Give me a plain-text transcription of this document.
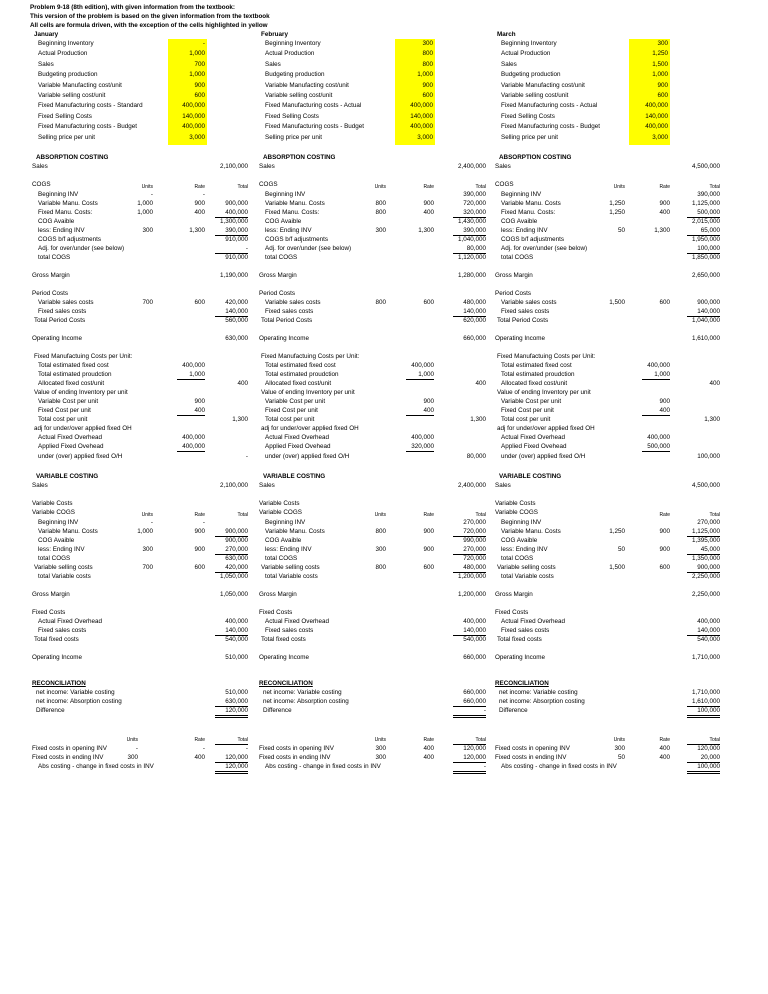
Problem 9-18 (8th edition), with given information from the textbook:
This version of the problem is based on the given information from the textbook
All cells are formula driven, with the exception of the cells highlighted in yellow
January
Beginning Inventory	-
Actual Production	1,000
Sales	700
Budgeting production	1,000
Variable Manufacting cost/unit	900
Variable selling cost/unit	600
Fixed Manufacturing costs - Standard	400,000
Fixed Selling Costs	140,000
Fixed Manufacturing costs - Budget	400,000
Selling price per unit	3,000
February
Beginning Inventory	300
Actual Production	800
Sales	800
Budgeting production	1,000
Variable Manufacting cost/unit	900
Variable selling cost/unit	600
Fixed Manufacturing costs - Actual	400,000
Fixed Selling Costs	140,000
Fixed Manufacturing costs - Budget	400,000
Selling price per unit	3,000
March
Beginning Inventory	300
Actual Production	1,250
Sales	1,500
Budgeting production	1,000
Variable Manufacting cost/unit	900
Variable selling cost/unit	600
Fixed Manufacturing costs - Actual	400,000
Fixed Selling Costs	140,000
Fixed Manufacturing costs - Budget	400,000
Selling price per unit	3,000
ABSORPTION COSTING
Sales	2,100,000
COGS	Units	Rate	Total
Beginning INV	-	-
Variable Manu. Costs	1,000	900	900,000
Fixed Manu. Costs:	1,000	400	400,000
COG Avaible	1,300,000
less: Ending INV	300	1,300	390,000
COGS b/f adjustments	910,000
Adj. for over/under (see below)	-
total COGS	910,000
Gross Margin	1,190,000
Period Costs
Variable sales costs	700	600	420,000
Fixed sales costs	140,000
Total Period Costs	560,000
Operating Income	630,000
Fixed Manufactuing Costs per Unit:
Total estimated fixed cost	400,000
Total estimated proudction	1,000
Allocated fixed cost/unit	400
Value of ending Inventory per unit
Variable Cost per unit	900
Fixed Cost per unit	400
Total cost per unit	1,300
adj for under/over applied fixed OH
Actual Fixed Overhead	400,000
Applied Fixed Ovehead	400,000
under (over) applied fixed O/H	-
ABSORPTION COSTING
Sales	2,400,000
COGS	Units	Rate	Total
Beginning INV	390,000
Variable Manu. Costs	800	900	720,000
Fixed Manu. Costs:	800	400	320,000
COG Avaible	1,430,000
less: Ending INV	300	1,300	390,000
COGS b/f adjustments	1,040,000
Adj. for over/under (see below)	80,000
total COGS	1,120,000
Gross Margin	1,280,000
Period Costs
Variable sales costs	800	600	480,000
Fixed sales costs	140,000
Total Period Costs	620,000
Operating Income	660,000
Fixed Manufactuing Costs per Unit:
Total estimated fixed cost	400,000
Total estimated proudction	1,000
Allocated fixed cost/unit	400
Value of ending Inventory per unit
Variable Cost per unit	900
Fixed Cost per unit	400
Total cost per unit	1,300
adj for under/over applied fixed OH
Actual Fixed Overhead	400,000
Applied Fixed Ovehead	320,000
under (over) applied fixed O/H	80,000
ABSORPTION COSTING
Sales	4,500,000
COGS	Units	Rate	Total
Beginning INV	390,000
Variable Manu. Costs	1,250	900	1,125,000
Fixed Manu. Costs:	1,250	400	500,000
COG Avaible	2,015,000
less: Ending INV	50	1,300	65,000
COGS b/f adjustments	1,950,000
Adj. for over/under (see below)	100,000
total COGS	1,850,000
Gross Margin	2,650,000
Period Costs
Variable sales costs	1,500	600	900,000
Fixed sales costs	140,000
Total Period Costs	1,040,000
Operating Income	1,610,000
Fixed Manufactuing Costs per Unit:
Total estimated fixed cost	400,000
Total estimated proudction	1,000
Allocated fixed cost/unit	400
Value of ending Inventory per unit
Variable Cost per unit	900
Fixed Cost per unit	400
Total cost per unit	1,300
adj for under/over applied fixed OH
Actual Fixed Overhead	400,000
Applied Fixed Ovehead	500,000
under (over) applied fixed O/H	100,000
VARIABLE COSTING
Sales	2,100,000
Variable Costs
Variable COGS	Units	Rate	Total
Beginning INV	-	-
Variable Manu. Costs	1,000	900	900,000
COG Avaible	900,000
less: Ending INV	300	900	270,000
total COGS	630,000
Variable selling costs	700	600	420,000
total Variable costs	1,050,000
Gross Margin	1,050,000
Fixed Costs
Actual Fixed Overhead	400,000
Fixed sales costs	140,000
Total fixed costs	540,000
Operating Income	510,000
VARIABLE COSTING
Sales	2,400,000
Variable Costs
Variable COGS	Units	Rate	Total
Beginning INV	270,000
Variable Manu. Costs	800	900	720,000
COG Avaible	990,000
less: Ending INV	300	900	270,000
total COGS	720,000
Variable selling costs	800	600	480,000
total Variable costs	1,200,000
Gross Margin	1,200,000
Fixed Costs
Actual Fixed Overhead	400,000
Fixed sales costs	140,000
Total fixed costs	540,000
Operating Income	660,000
VARIABLE COSTING
Sales	4,500,000
Variable Costs
Variable COGS	Rate	Total
Beginning INV	270,000
Variable Manu. Costs	1,250	900	1,125,000
COG Avaible	1,395,000
less: Ending INV	50	900	45,000
total COGS	1,350,000
Variable selling costs	1,500	600	900,000
total Variable costs	2,250,000
Gross Margin	2,250,000
Fixed Costs
Actual Fixed Overhead	400,000
Fixed sales costs	140,000
Total fixed costs	540,000
Operating Income	1,710,000
RECONCILIATION
net income: Variable costing	510,000
net income: Absorption costing	630,000
Difference	120,000
Units	Rate	Total
Fixed costs in opening INV	-	-	-
Fixed costs in ending INV	300	400	120,000
Abs costing - change in fixed costs in INV	120,000
RECONCILIATION
net income: Variable costing	660,000
net income: Absorption costing	660,000
Difference	-
Units	Rate	Total
Fixed costs in opening INV	300	400	120,000
Fixed costs in ending INV	300	400	120,000
Abs costing - change in fixed costs in INV	-
RECONCILIATION
net income: Variable costing	1,710,000
net income: Absorption costing	1,610,000
Difference	100,000
Units	Rate	Total
Fixed costs in opening INV	300	400	120,000
Fixed costs in ending INV	50	400	20,000
Abs costing - change in fixed costs in INV	100,000
